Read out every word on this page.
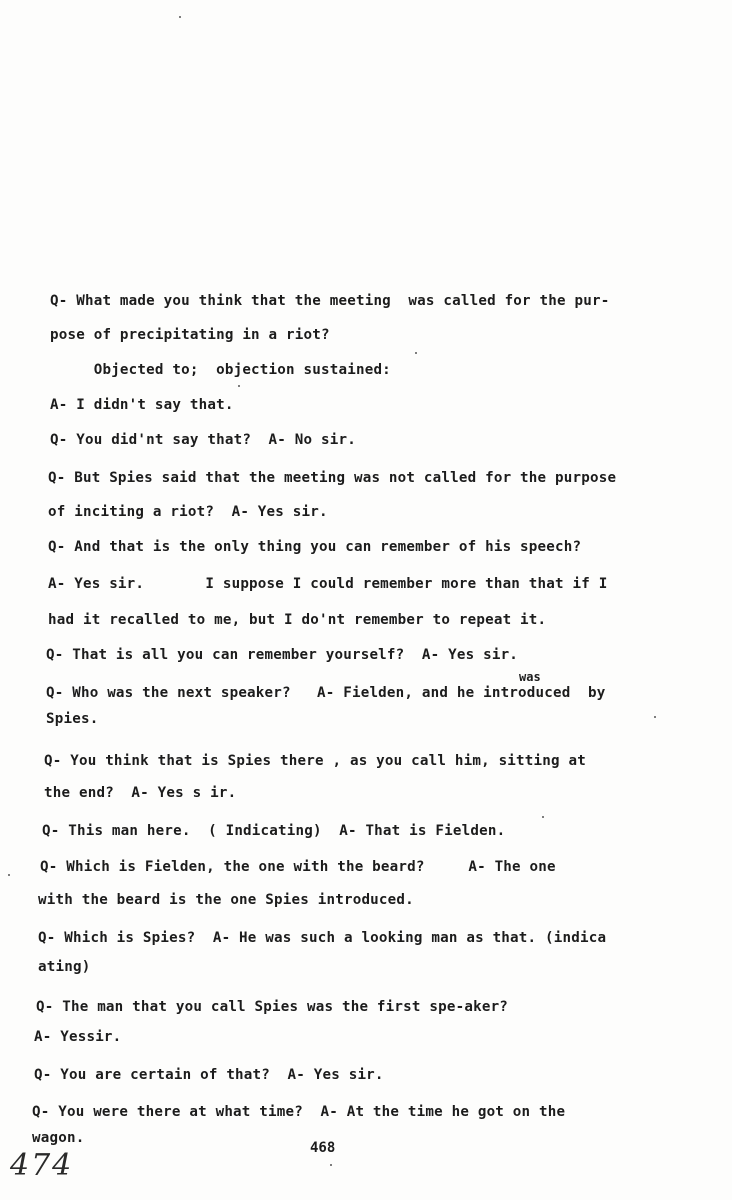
Q- What made you think that the meeting  was called for the pur-
pose of precipitating in a riot?
Objected to;  objection sustained:
A- I didn't say that.
Q- You did'nt say that?  A- No sir.
Q- But Spies said that the meeting was not called for the purpose
of inciting a riot?  A- Yes sir.
Q- And that is the only thing you can remember of his speech?
A- Yes sir.       I suppose I could remember more than that if I
had it recalled to me, but I do'nt remember to repeat it.
Q- That is all you can remember yourself?  A- Yes sir.
was
Q- Who was the next speaker?   A- Fielden, and he introduced  by
Spies.
Q- You think that is Spies there , as you call him, sitting at
the end?  A- Yes s ir.
Q- This man here.  ( Indicating)  A- That is Fielden.
Q- Which is Fielden, the one with the beard?     A- The one
with the beard is the one Spies introduced.
Q- Which is Spies?  A- He was such a looking man as that. (indica
ating)
Q- The man that you call Spies was the first spe-aker?
A- Yessir.
Q- You are certain of that?  A- Yes sir.
Q- You were there at what time?  A- At the time he got on the
wagon.
468
474
